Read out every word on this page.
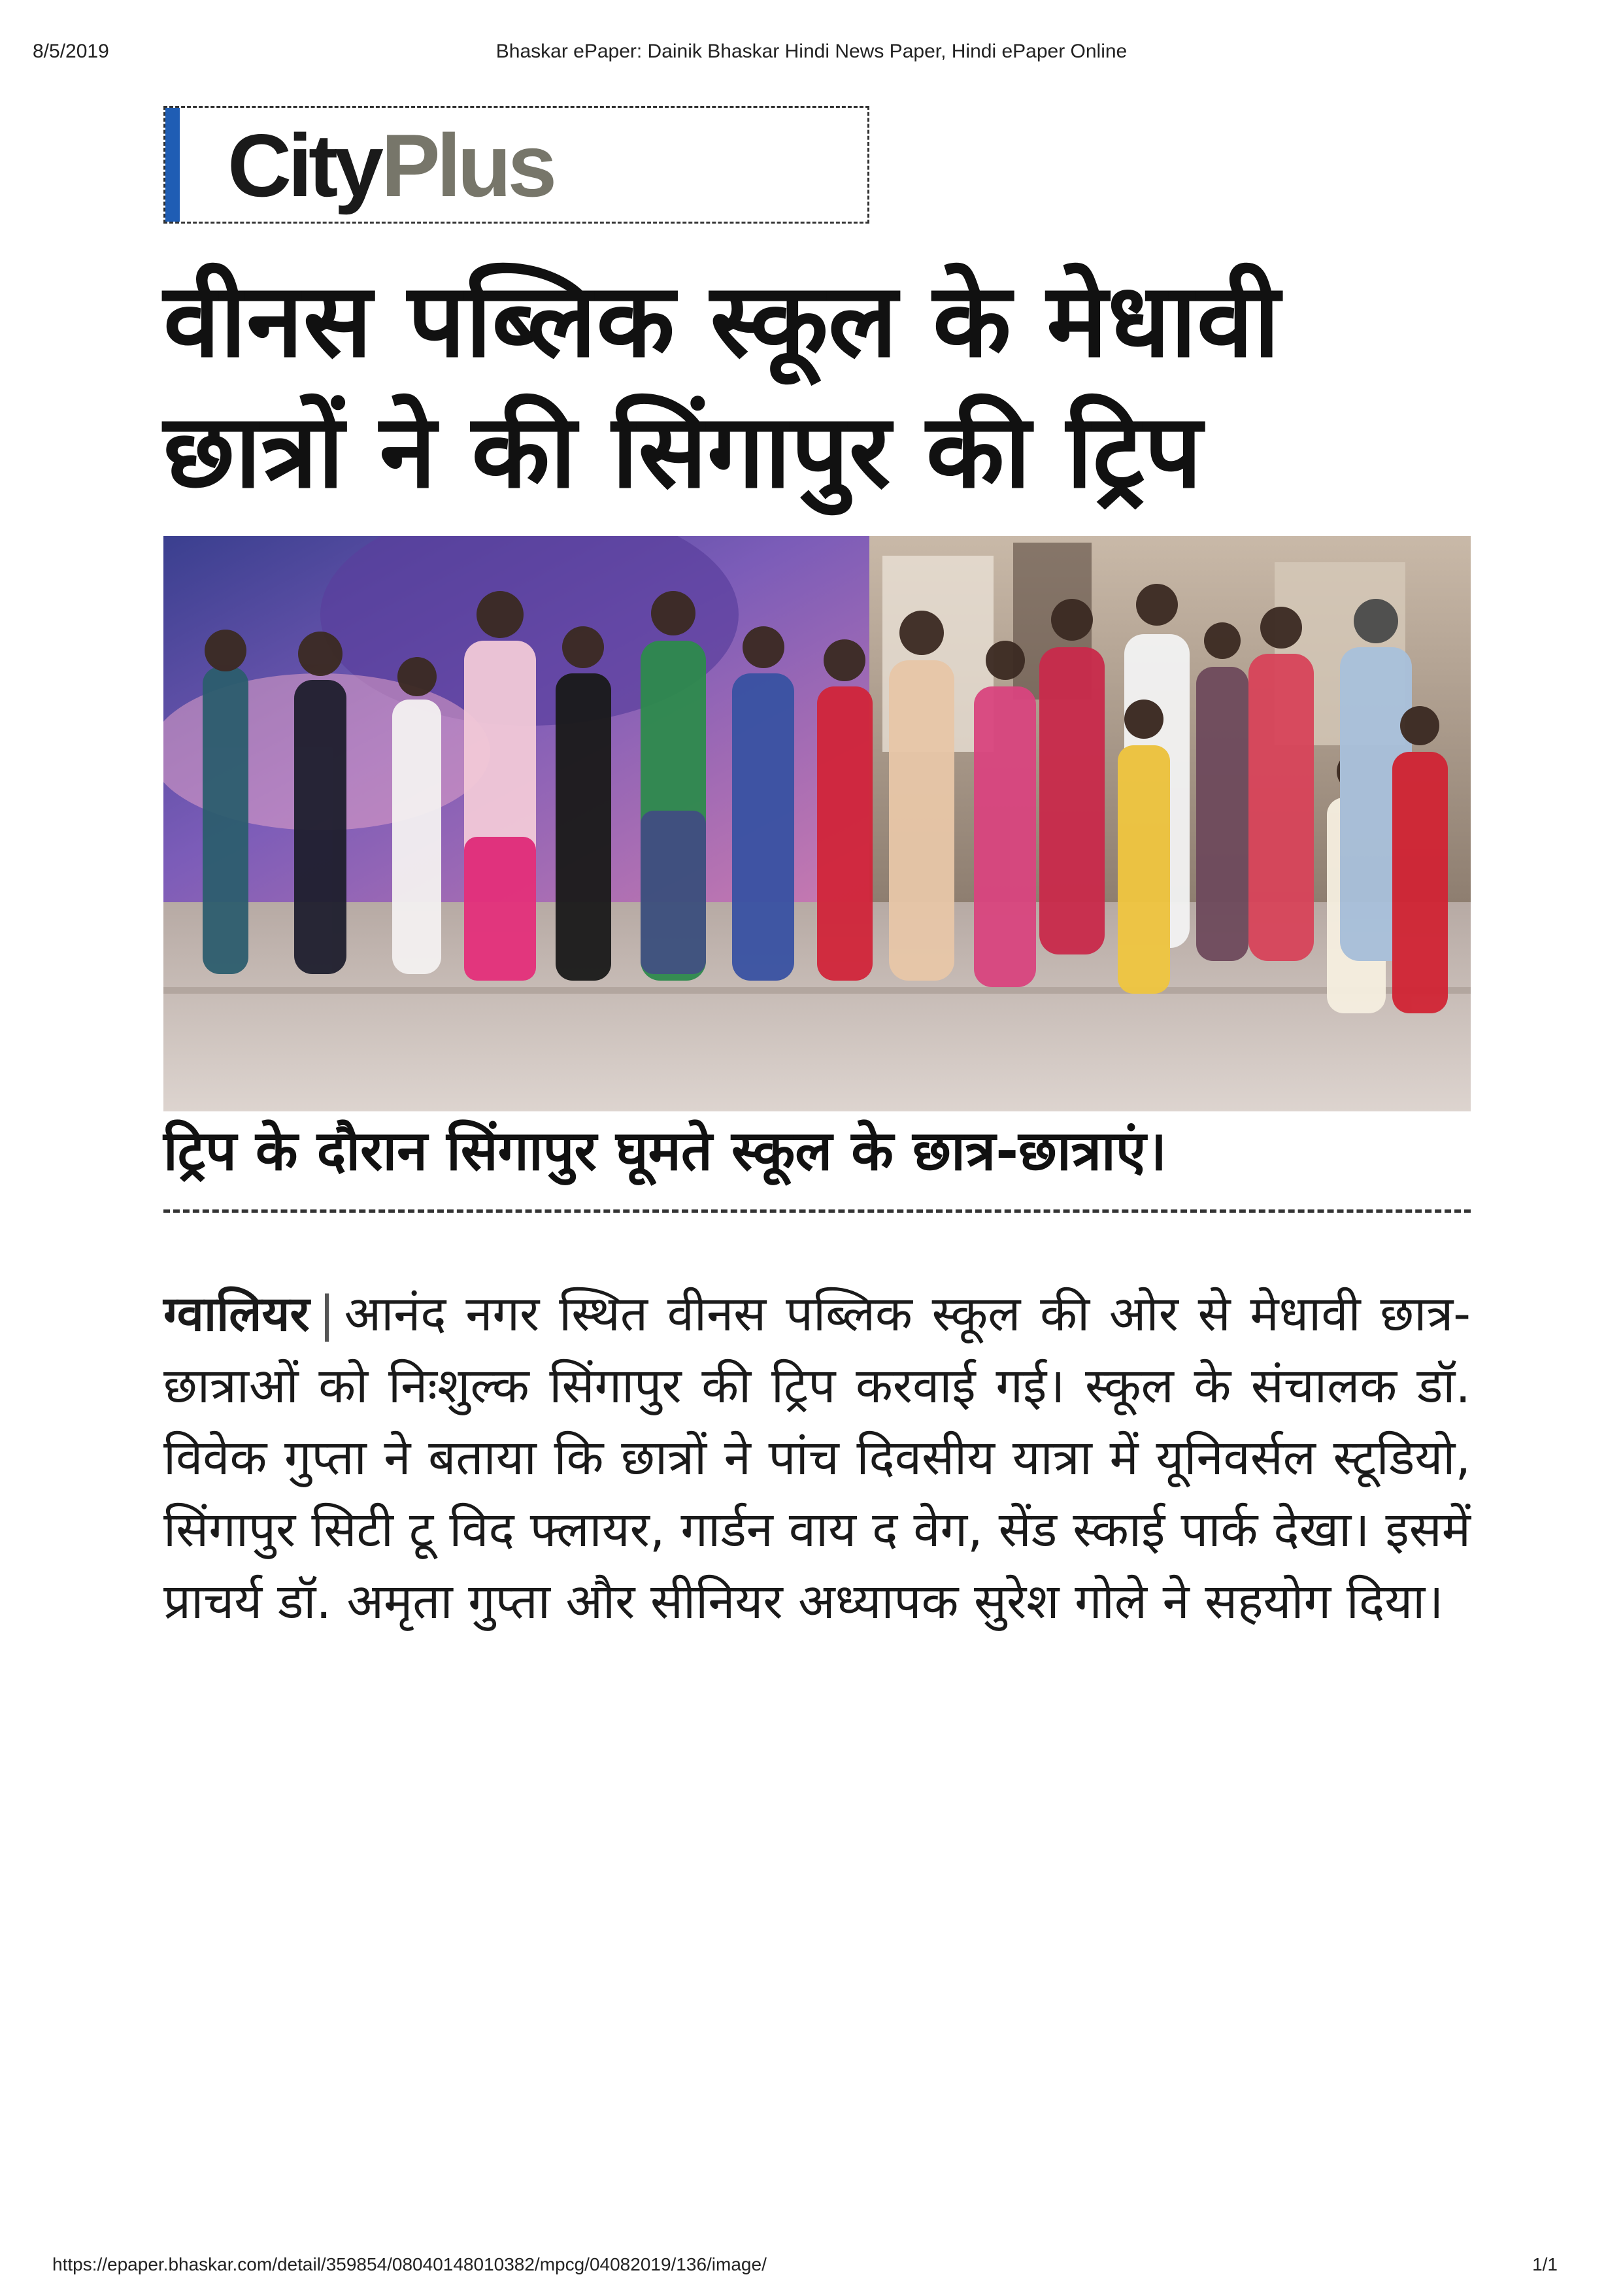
8/5/2019	Bhaskar ePaper: Dainik Bhaskar Hindi News Paper, Hindi ePaper Online
City Plus
वीनस पब्लिक स्कूल के मेधावी
छात्रों ने की सिंगापुर की ट्रिप
ट्रिप के दौरान सिंगापुर घूमते स्कूल के छात्र-छात्राएं।
ग्वालियर | आनंद नगर स्थित वीनस पब्लिक स्कूल की ओर से मेधावी छात्र-छात्राओं को निःशुल्क सिंगापुर की ट्रिप करवाई गई। स्कूल के संचालक डॉ. विवेक गुप्ता ने बताया कि छात्रों ने पांच दिवसीय यात्रा में यूनिवर्सल स्टूडियो, सिंगापुर सिटी टू विद फ्लायर, गार्डन वाय द वेग, सेंड स्काई पार्क देखा। इसमें प्राचर्य डॉ. अमृता गुप्ता और सीनियर अध्यापक सुरेश गोले ने सहयोग दिया।
https://epaper.bhaskar.com/detail/359854/08040148010382/mpcg/04082019/136/image/	1/1
